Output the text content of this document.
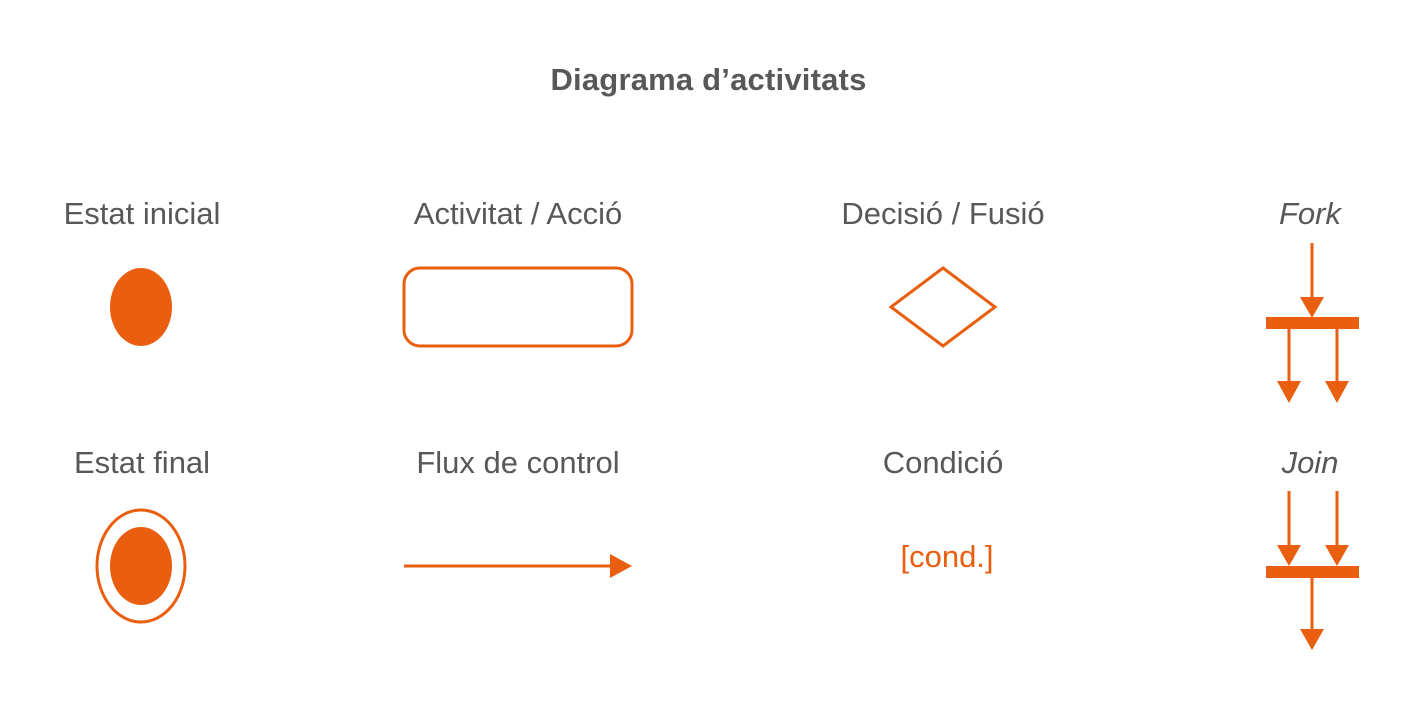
Diagrama d’activitats
Estat inicial	Activitat / Acció	Decisió / Fusió	Fork
Estat final	Flux de control	Condició	Join
[cond.]
